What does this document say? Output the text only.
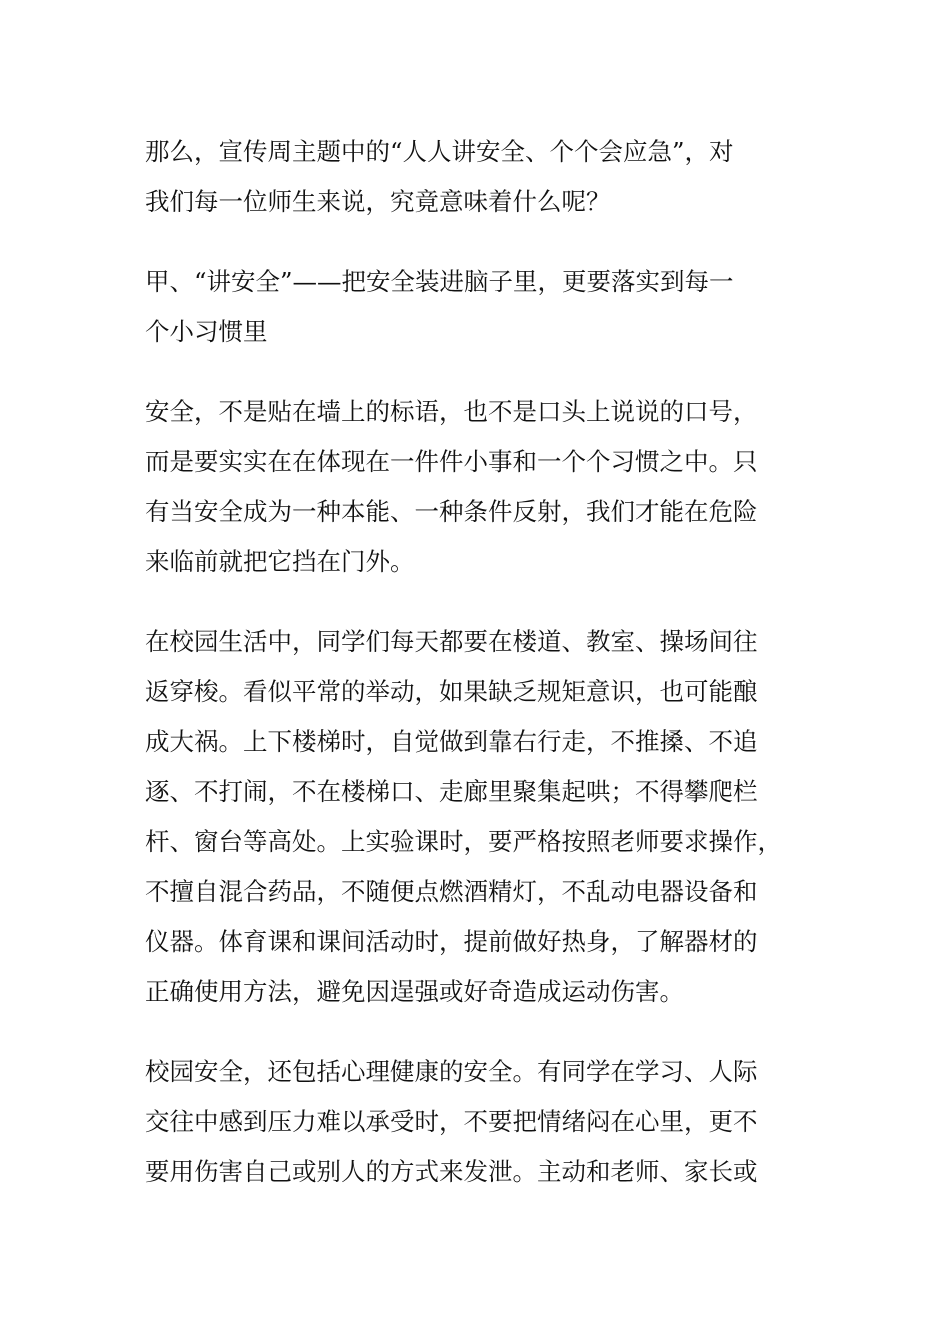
那么，宣传周主题中的“人人讲安全、个个会应急”，对
我们每一位师生来说，究竟意味着什么呢？

甲、“讲安全”——把安全装进脑子里，更要落实到每一
个小习惯里

安全，不是贴在墙上的标语，也不是口头上说说的口号，
而是要实实在在体现在一件件小事和一个个习惯之中。只
有当安全成为一种本能、一种条件反射，我们才能在危险
来临前就把它挡在门外。

在校园生活中，同学们每天都要在楼道、教室、操场间往
返穿梭。看似平常的举动，如果缺乏规矩意识，也可能酿
成大祸。上下楼梯时，自觉做到靠右行走，不推搡、不追
逐、不打闹，不在楼梯口、走廊里聚集起哄；不得攀爬栏
杆、窗台等高处。上实验课时，要严格按照老师要求操作，
不擅自混合药品，不随便点燃酒精灯，不乱动电器设备和
仪器。体育课和课间活动时，提前做好热身，了解器材的
正确使用方法，避免因逞强或好奇造成运动伤害。

校园安全，还包括心理健康的安全。有同学在学习、人际
交往中感到压力难以承受时，不要把情绪闷在心里，更不
要用伤害自己或别人的方式来发泄。主动和老师、家长或
